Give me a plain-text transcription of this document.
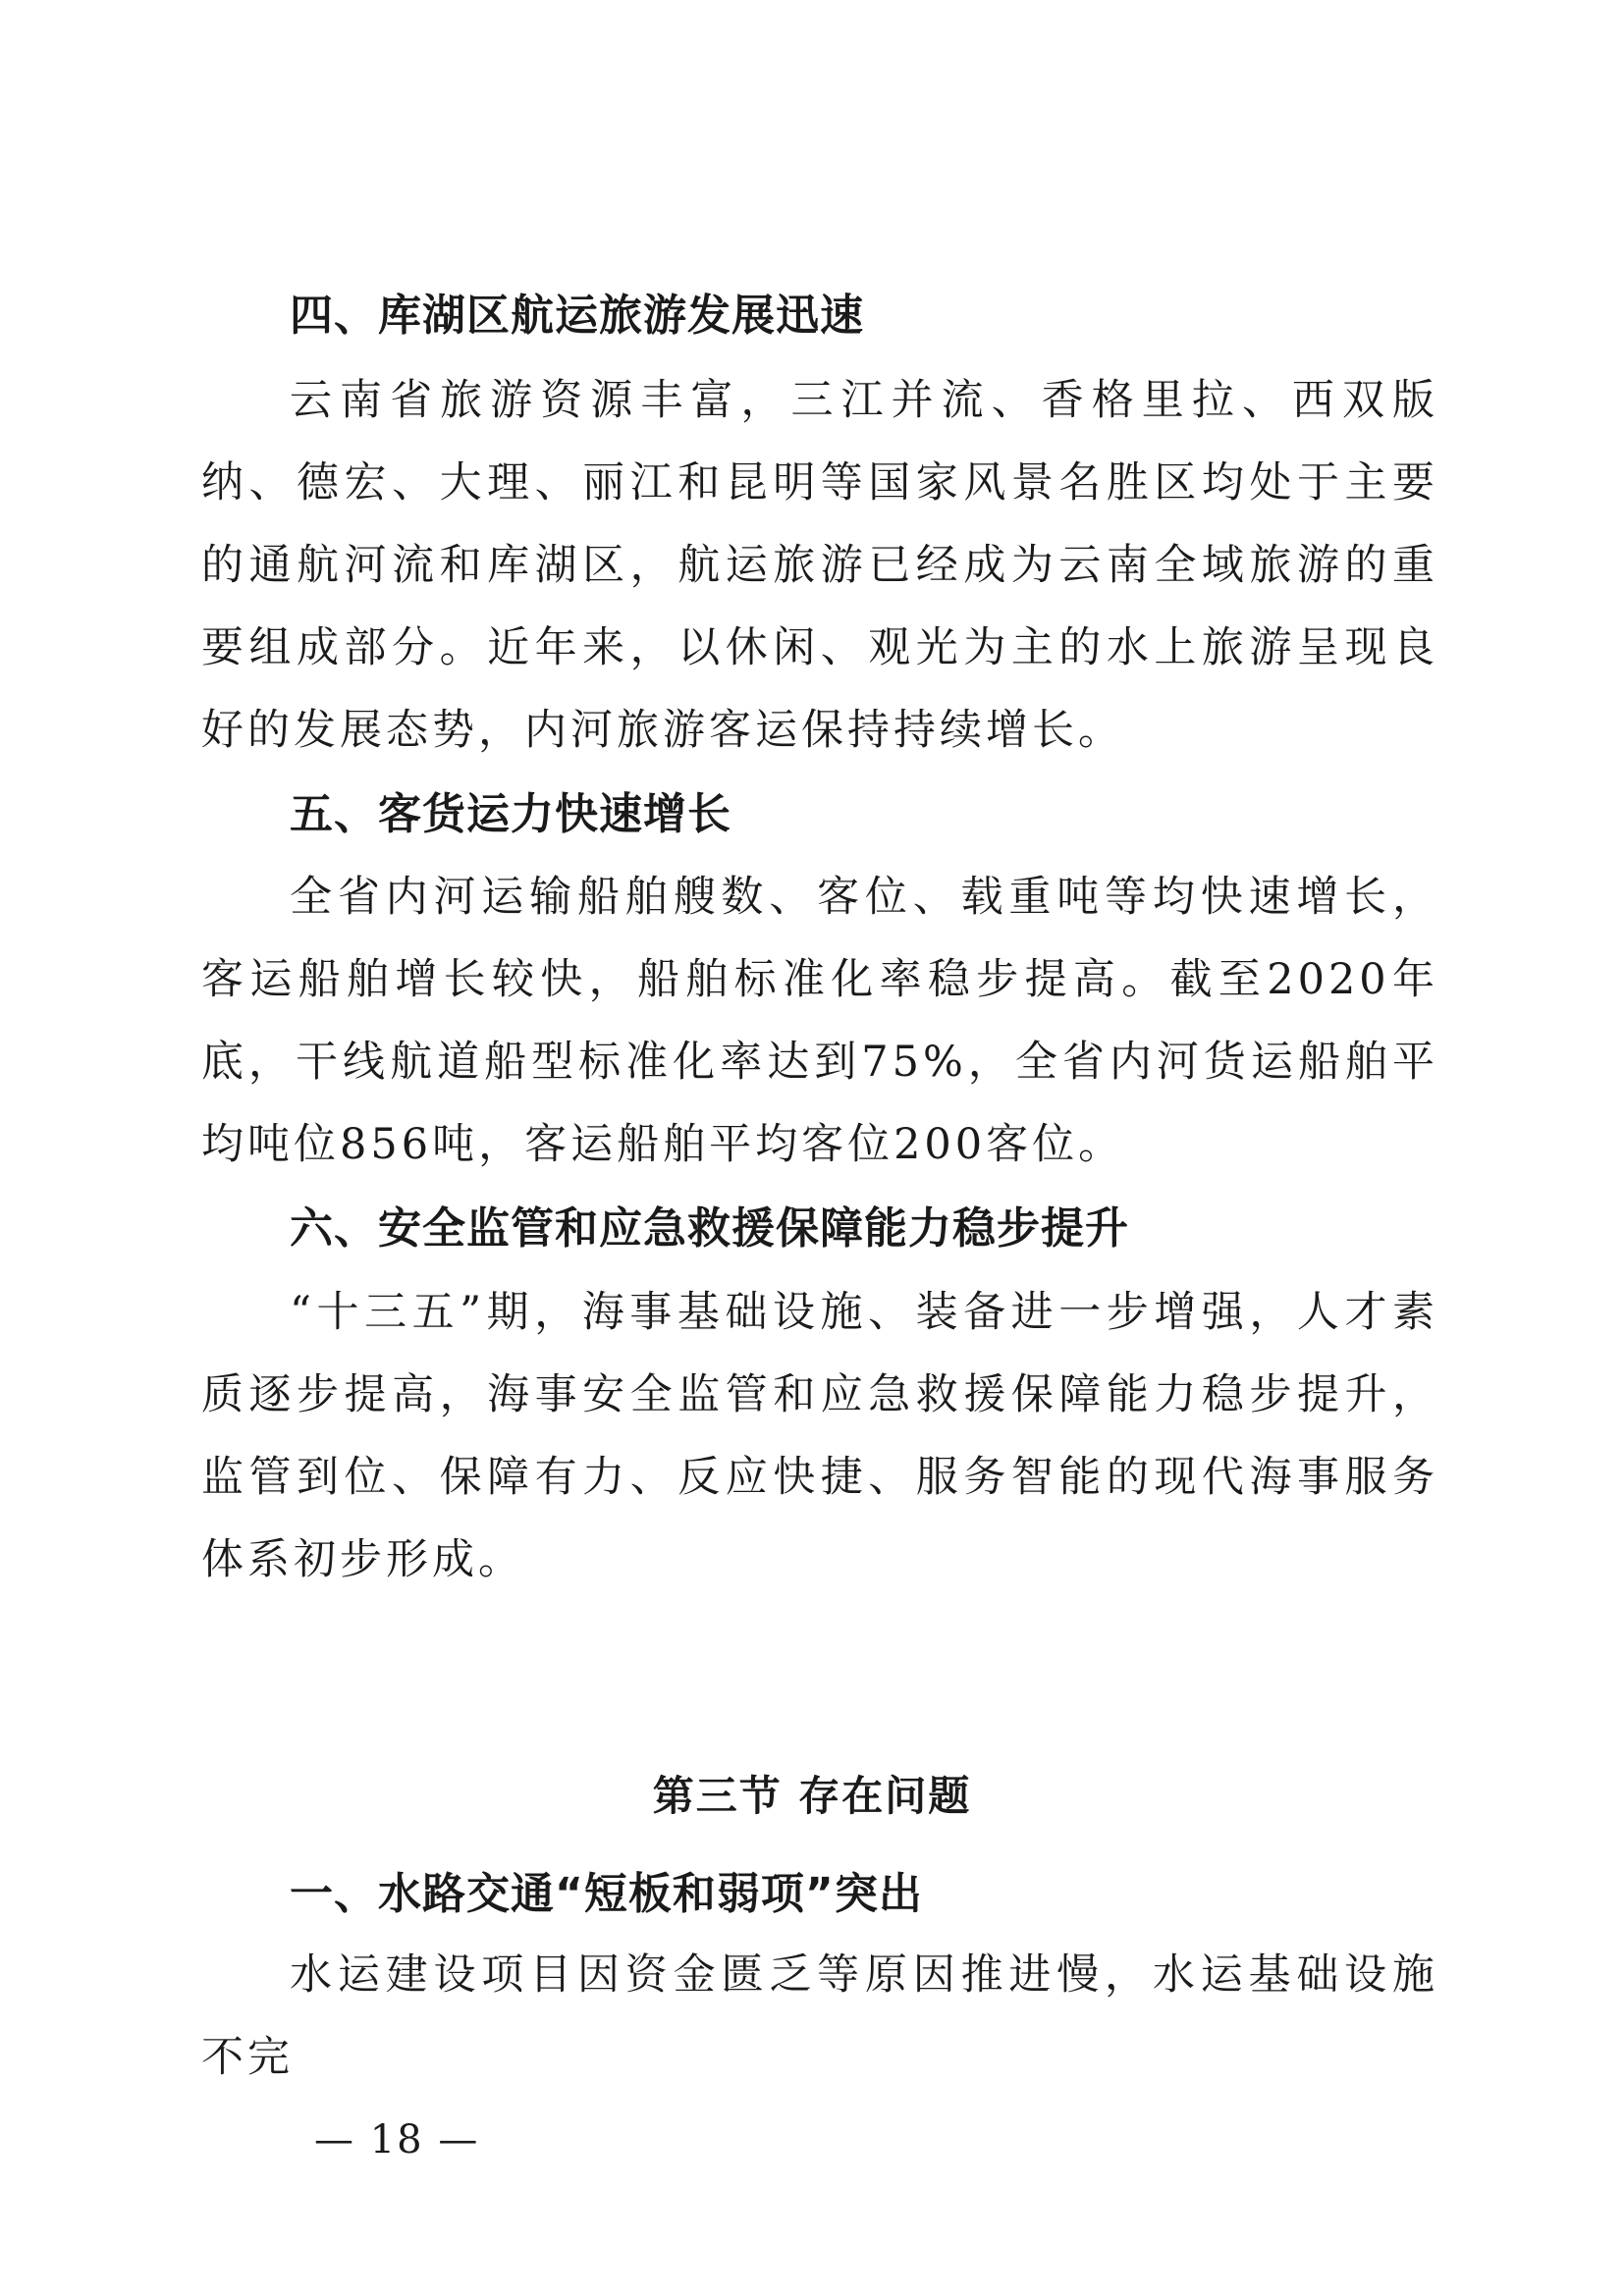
四、库湖区航运旅游发展迅速
云南省旅游资源丰富，三江并流、香格里拉、西双版纳、德宏、大理、丽江和昆明等国家风景名胜区均处于主要的通航河流和库湖区，航运旅游已经成为云南全域旅游的重要组成部分。近年来，以休闲、观光为主的水上旅游呈现良好的发展态势，内河旅游客运保持持续增长。
五、客货运力快速增长
全省内河运输船舶艘数、客位、载重吨等均快速增长，客运船舶增长较快，船舶标准化率稳步提高。截至2020年底，干线航道船型标准化率达到75%，全省内河货运船舶平均吨位856吨，客运船舶平均客位200客位。
六、安全监管和应急救援保障能力稳步提升
“十三五”期，海事基础设施、装备进一步增强，人才素质逐步提高，海事安全监管和应急救援保障能力稳步提升，监管到位、保障有力、反应快捷、服务智能的现代海事服务体系初步形成。
第三节 存在问题
一、水路交通“短板和弱项”突出
水运建设项目因资金匮乏等原因推进慢，水运基础设施不完
— 18 —
